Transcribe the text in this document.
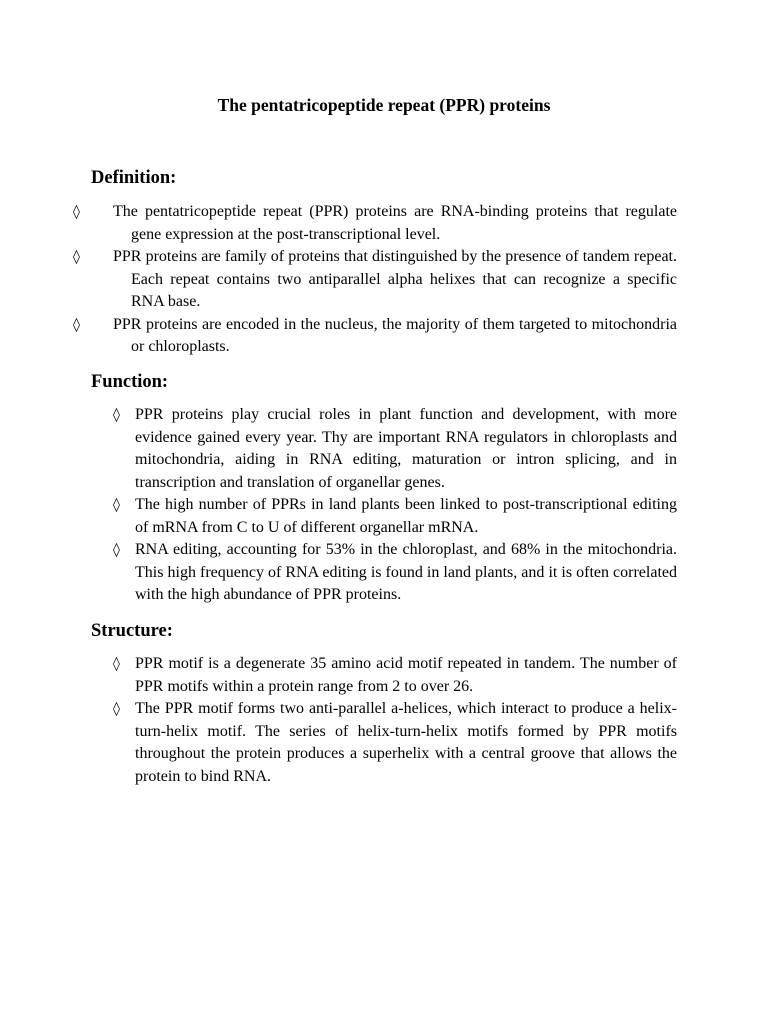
The pentatricopeptide repeat (PPR) proteins
Definition:
◊	The pentatricopeptide repeat (PPR) proteins are RNA-binding proteins that regulate gene expression at the post-transcriptional level.
◊	PPR proteins are family of proteins that distinguished by the presence of tandem repeat. Each repeat contains two antiparallel alpha helixes that can recognize a specific RNA base.
◊	PPR proteins are encoded in the nucleus, the majority of them targeted to mitochondria or chloroplasts.
Function:
◊ PPR proteins play crucial roles in plant function and development, with more evidence gained every year. Thy are important RNA regulators in chloroplasts and mitochondria, aiding in RNA editing, maturation or intron splicing, and in transcription and translation of organellar genes.
◊ The high number of PPRs in land plants been linked to post-transcriptional editing of mRNA from C to U of different organellar mRNA.
◊ RNA editing, accounting for 53% in the chloroplast, and 68% in the mitochondria. This high frequency of RNA editing is found in land plants, and it is often correlated with the high abundance of PPR proteins.
Structure:
◊ PPR motif is a degenerate 35 amino acid motif repeated in tandem. The number of PPR motifs within a protein range from 2 to over 26.
◊ The PPR motif forms two anti-parallel a-helices, which interact to produce a helix-turn-helix motif. The series of helix-turn-helix motifs formed by PPR motifs throughout the protein produces a superhelix with a central groove that allows the protein to bind RNA.
